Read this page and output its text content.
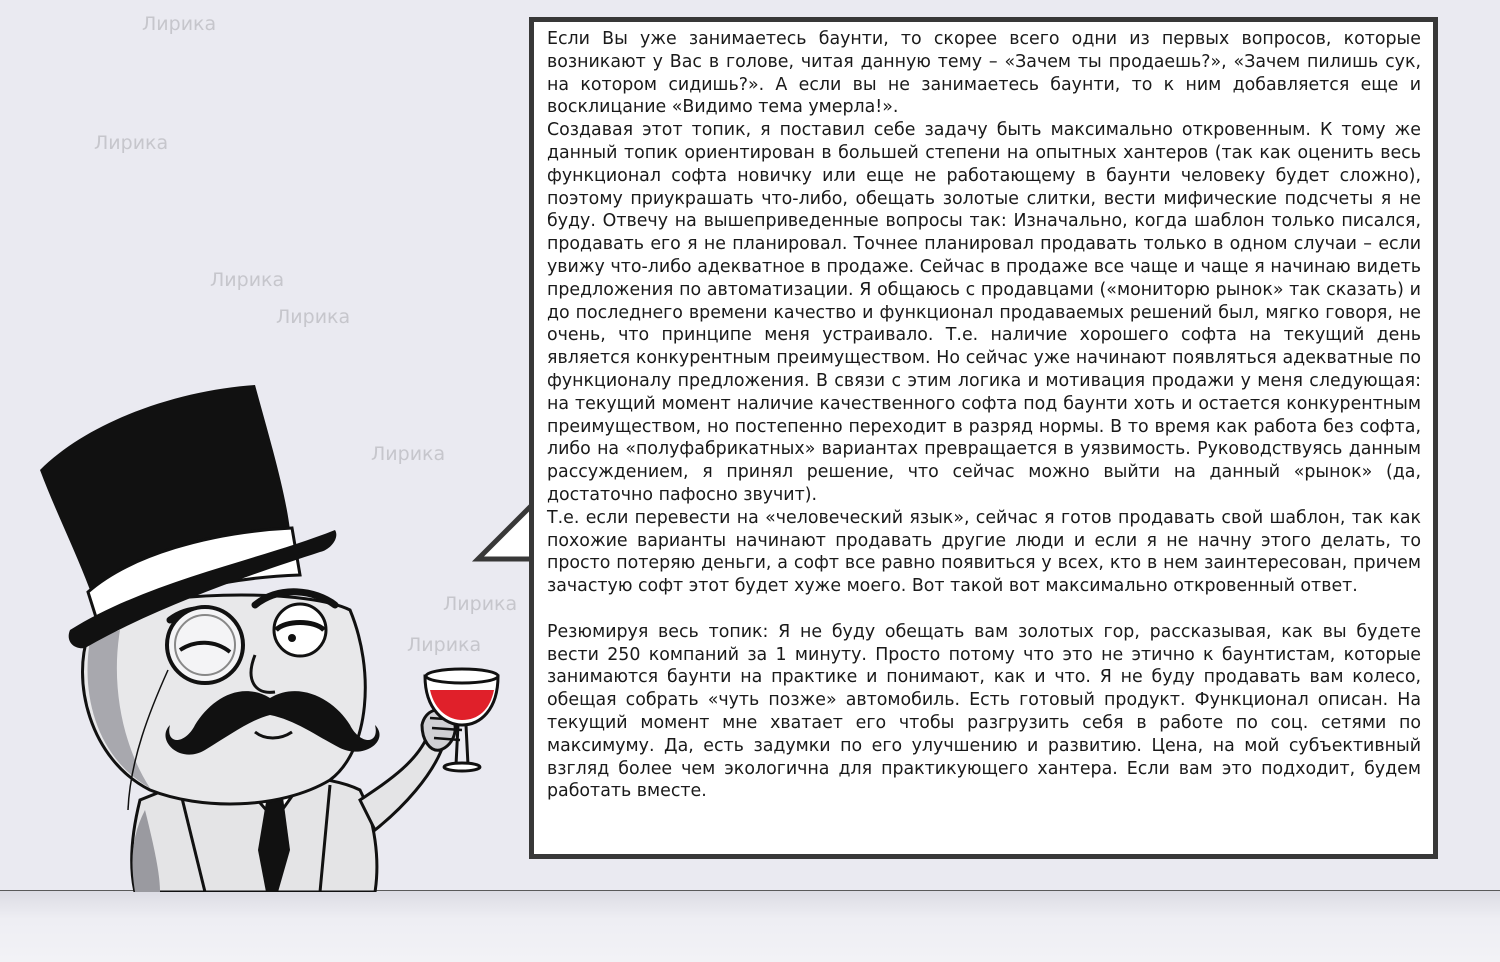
Лирика
Лирика
Лирика
Лирика
Лирика
Лирика
Лирика

Если Вы уже занимаетесь баунти, то скорее всего одни из первых вопросов, которые возникают у Вас в голове, читая данную тему – «Зачем ты продаешь?», «Зачем пилишь сук, на котором сидишь?». А если вы не занимаетесь баунти, то к ним добавляется еще и восклицание «Видимо тема умерла!».

Создавая этот топик, я поставил себе задачу быть максимально откровенным. К тому же данный топик ориентирован в большей степени на опытных хантеров (так как оценить весь функционал софта новичку или еще не работающему в баунти человеку будет сложно), поэтому приукрашать что-либо, обещать золотые слитки, вести мифические подсчеты я не буду. Отвечу на вышеприведенные вопросы так: Изначально, когда шаблон только писался, продавать его я не планировал. Точнее планировал продавать только в одном случаи – если увижу что-либо адекватное в продаже. Сейчас в продаже все чаще и чаще я начинаю видеть предложения по автоматизации. Я общаюсь с продавцами («мониторю рынок» так сказать) и до последнего времени качество и функционал продаваемых решений был, мягко говоря, не очень, что принципе меня устраивало. Т.е. наличие хорошего софта на текущий день является конкурентным преимуществом. Но сейчас уже начинают появляться адекватные по функционалу предложения. В связи с этим логика и мотивация продажи у меня следующая: на текущий момент наличие качественного софта под баунти хоть и остается конкурентным преимуществом, но постепенно переходит в разряд нормы. В то время как работа без софта, либо на «полуфабрикатных» вариантах превращается в уязвимость. Руководствуясь данным рассуждением, я принял решение, что сейчас можно выйти на данный «рынок» (да, достаточно пафосно звучит).

Т.е. если перевести на «человеческий язык», сейчас я готов продавать свой шаблон, так как похожие варианты начинают продавать другие люди и если я не начну этого делать, то просто потеряю деньги, а софт все равно появиться у всех, кто в нем заинтересован, причем зачастую софт этот будет хуже моего. Вот такой вот максимально откровенный ответ.

Резюмируя весь топик: Я не буду обещать вам золотых гор, рассказывая, как вы будете вести 250 компаний за 1 минуту. Просто потому что это не этично к баунтистам, которые занимаются баунти на практике и понимают, как и что. Я не буду продавать вам колесо, обещая собрать «чуть позже» автомобиль. Есть готовый продукт. Функционал описан. На текущий момент мне хватает его чтобы разгрузить себя в работе по соц. сетями по максимуму. Да, есть задумки по его улучшению и развитию. Цена, на мой субъективный взгляд более чем экологична для практикующего хантера. Если вам это подходит, будем работать вместе.
